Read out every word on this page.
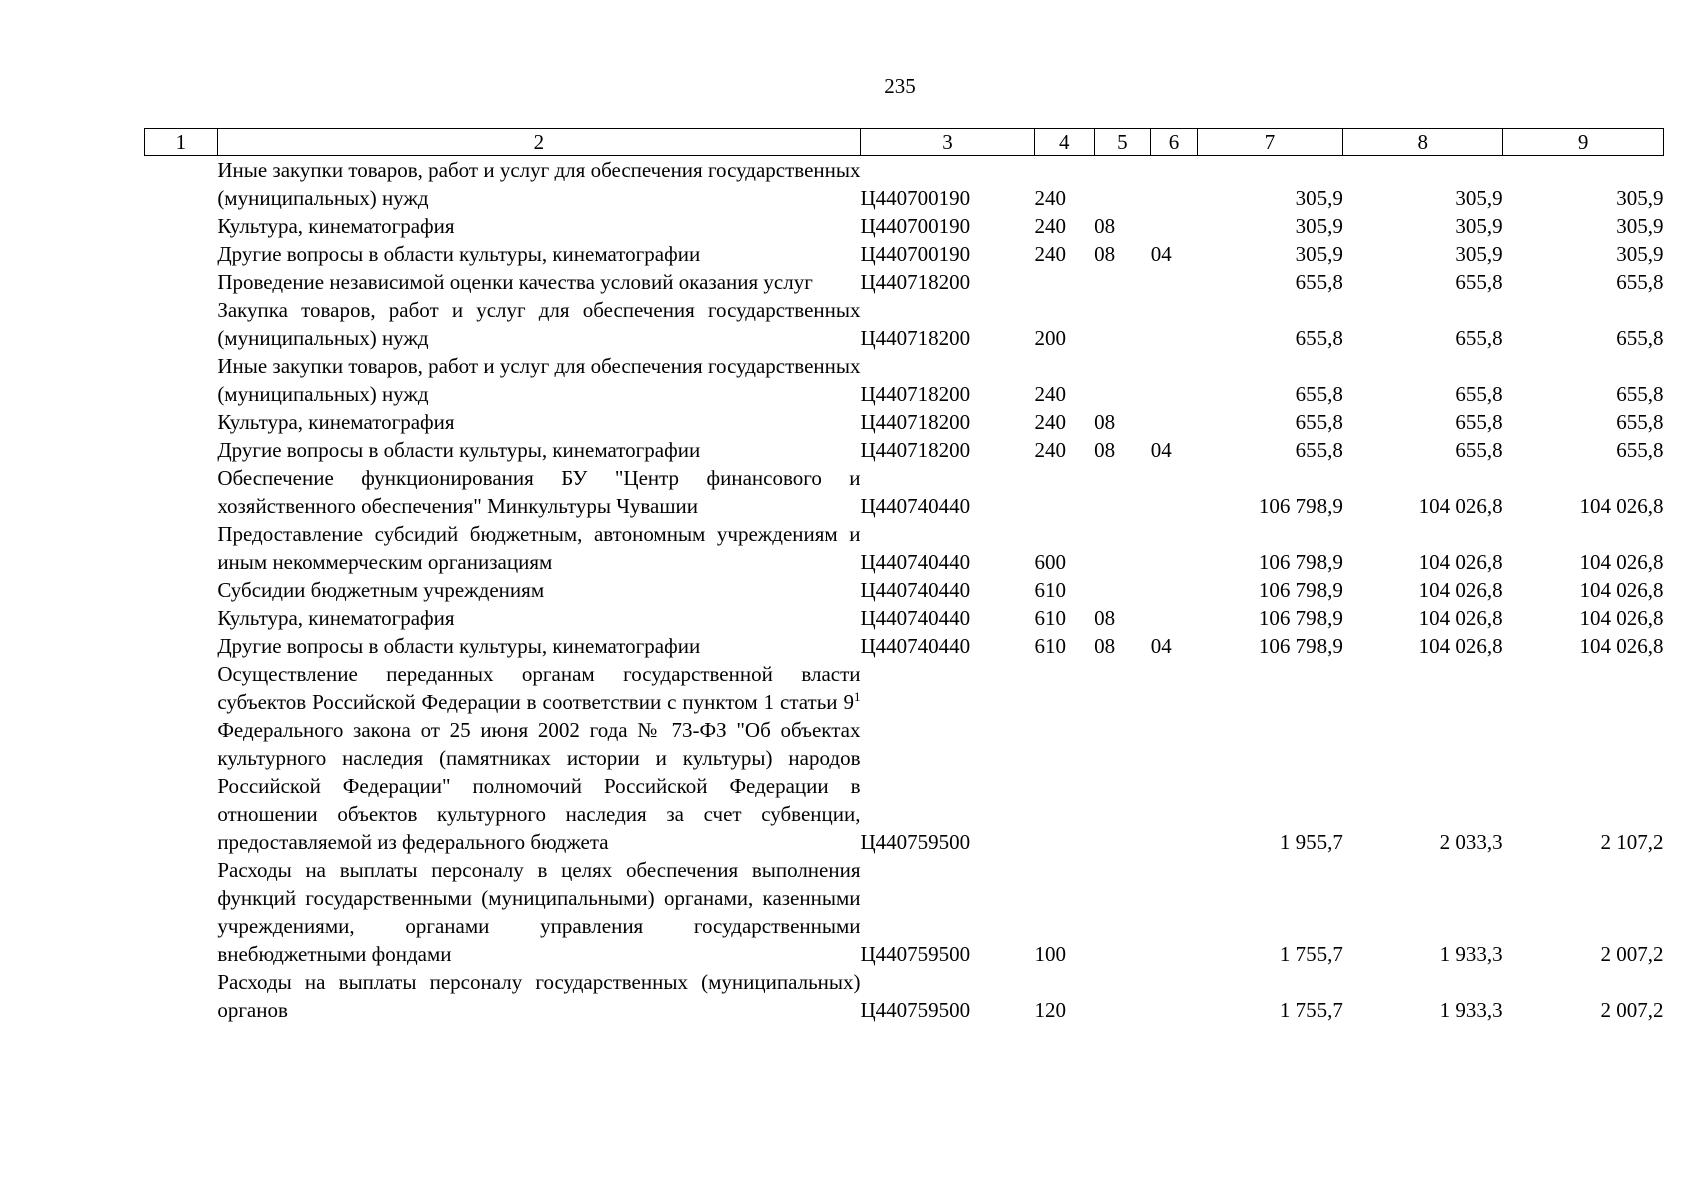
235
1	2	3	4	5	6	7	8	9
	Иные закупки товаров, работ и услуг для обеспечения государственных (муниципальных) нужд	Ц440700190	240			305,9	305,9	305,9
	Культура, кинематография	Ц440700190	240	08		305,9	305,9	305,9
	Другие вопросы в области культуры, кинематографии	Ц440700190	240	08	04	305,9	305,9	305,9
	Проведение независимой оценки качества условий оказания услуг	Ц440718200				655,8	655,8	655,8
	Закупка товаров, работ и услуг для обеспечения государственных (муниципальных) нужд	Ц440718200	200			655,8	655,8	655,8
	Иные закупки товаров, работ и услуг для обеспечения государственных (муниципальных) нужд	Ц440718200	240			655,8	655,8	655,8
	Культура, кинематография	Ц440718200	240	08		655,8	655,8	655,8
	Другие вопросы в области культуры, кинематографии	Ц440718200	240	08	04	655,8	655,8	655,8
	Обеспечение функционирования БУ "Центр финансового и хозяйственного обеспечения" Минкультуры Чувашии	Ц440740440				106 798,9	104 026,8	104 026,8
	Предоставление субсидий бюджетным, автономным учреждениям и иным некоммерческим организациям	Ц440740440	600			106 798,9	104 026,8	104 026,8
	Субсидии бюджетным учреждениям	Ц440740440	610			106 798,9	104 026,8	104 026,8
	Культура, кинематография	Ц440740440	610	08		106 798,9	104 026,8	104 026,8
	Другие вопросы в области культуры, кинематографии	Ц440740440	610	08	04	106 798,9	104 026,8	104 026,8
	Осуществление переданных органам государственной власти субъектов Российской Федерации в соответствии с пунктом 1 статьи $9^1$ Федерального закона от 25 июня 2002 года № 73-ФЗ "Об объектах культурного наследия (памятниках истории и культуры) народов Российской Федерации" полномочий Российской Федерации в отношении объектов культурного наследия за счет субвенции, предоставляемой из федерального бюджета	Ц440759500				1 955,7	2 033,3	2 107,2
	Расходы на выплаты персоналу в целях обеспечения выполнения функций государственными (муниципальными) органами, казенными учреждениями, органами управления государственными внебюджетными фондами	Ц440759500	100			1 755,7	1 933,3	2 007,2
	Расходы на выплаты персоналу государственных (муниципальных) органов	Ц440759500	120			1 755,7	1 933,3	2 007,2
